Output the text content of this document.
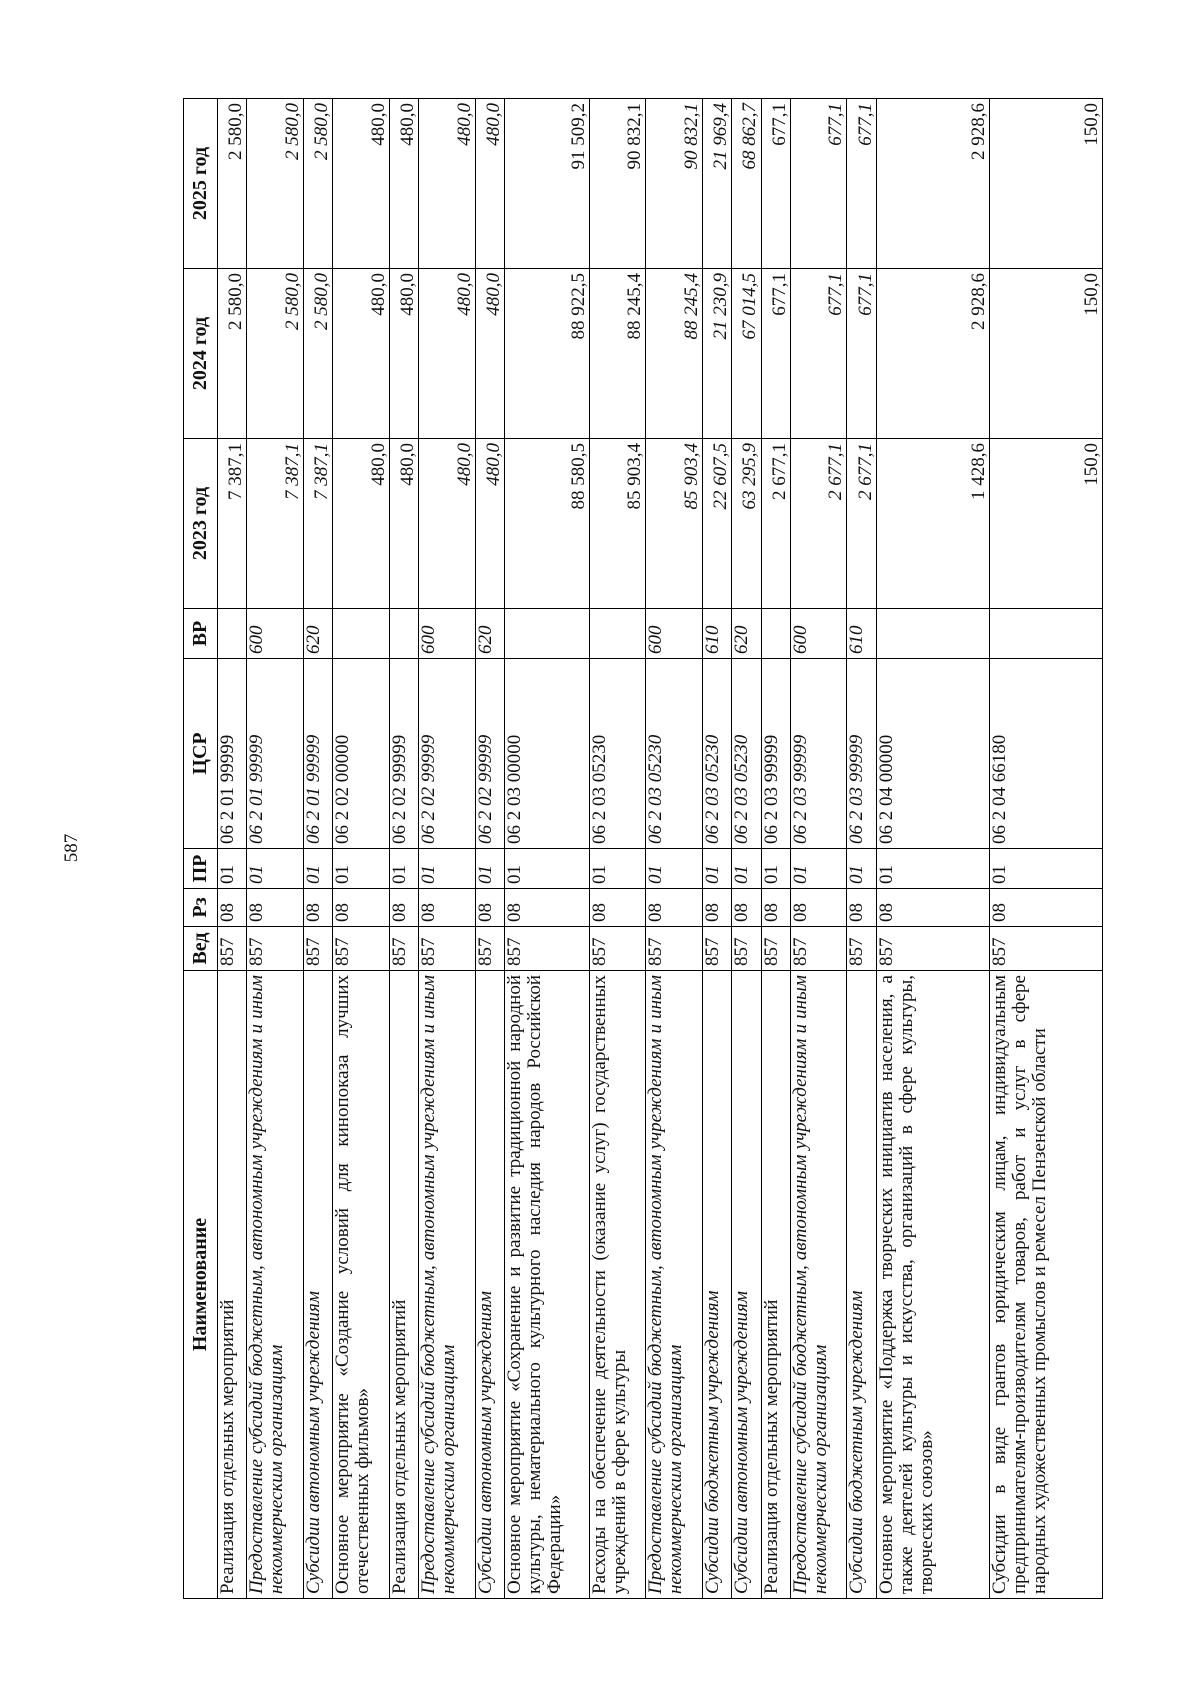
587
Наименование	Вед	Рз	ПР	ЦСР	ВР	2023 год	2024 год	2025 год
Реализация отдельных мероприятий	857	08	01	06 2 01 99999		7 387,1	2 580,0	2 580,0
Предоставление субсидий бюджетным, автономным учреждениям и иным некоммерческим организациям	857	08	01	06 2 01 99999	600	7 387,1	2 580,0	2 580,0
Субсидии автономным учреждениям	857	08	01	06 2 01 99999	620	7 387,1	2 580,0	2 580,0
Основное мероприятие «Создание условий для кинопоказа лучших отечественных фильмов»	857	08	01	06 2 02 00000		480,0	480,0	480,0
Реализация отдельных мероприятий	857	08	01	06 2 02 99999		480,0	480,0	480,0
Предоставление субсидий бюджетным, автономным учреждениям и иным некоммерческим организациям	857	08	01	06 2 02 99999	600	480,0	480,0	480,0
Субсидии автономным учреждениям	857	08	01	06 2 02 99999	620	480,0	480,0	480,0
Основное мероприятие «Сохранение и развитие традиционной народной культуры, нематериального культурного наследия народов Российской Федерации»	857	08	01	06 2 03 00000		88 580,5	88 922,5	91 509,2
Расходы на обеспечение деятельности (оказание услуг) государственных учреждений в сфере культуры	857	08	01	06 2 03 05230		85 903,4	88 245,4	90 832,1
Предоставление субсидий бюджетным, автономным учреждениям и иным некоммерческим организациям	857	08	01	06 2 03 05230	600	85 903,4	88 245,4	90 832,1
Субсидии бюджетным учреждениям	857	08	01	06 2 03 05230	610	22 607,5	21 230,9	21 969,4
Субсидии автономным учреждениям	857	08	01	06 2 03 05230	620	63 295,9	67 014,5	68 862,7
Реализация отдельных мероприятий	857	08	01	06 2 03 99999		2 677,1	677,1	677,1
Предоставление субсидий бюджетным, автономным учреждениям и иным некоммерческим организациям	857	08	01	06 2 03 99999	600	2 677,1	677,1	677,1
Субсидии бюджетным учреждениям	857	08	01	06 2 03 99999	610	2 677,1	677,1	677,1
Основное мероприятие «Поддержка творческих инициатив населения, а также деятелей культуры и искусства, организаций в сфере культуры, творческих союзов»	857	08	01	06 2 04 00000		1 428,6	2 928,6	2 928,6
Субсидии в виде грантов юридическим лицам, индивидуальным предпринимателям-производителям товаров, работ и услуг в сфере народных художественных промыслов и ремесел Пензенской области	857	08	01	06 2 04 66180		150,0	150,0	150,0
